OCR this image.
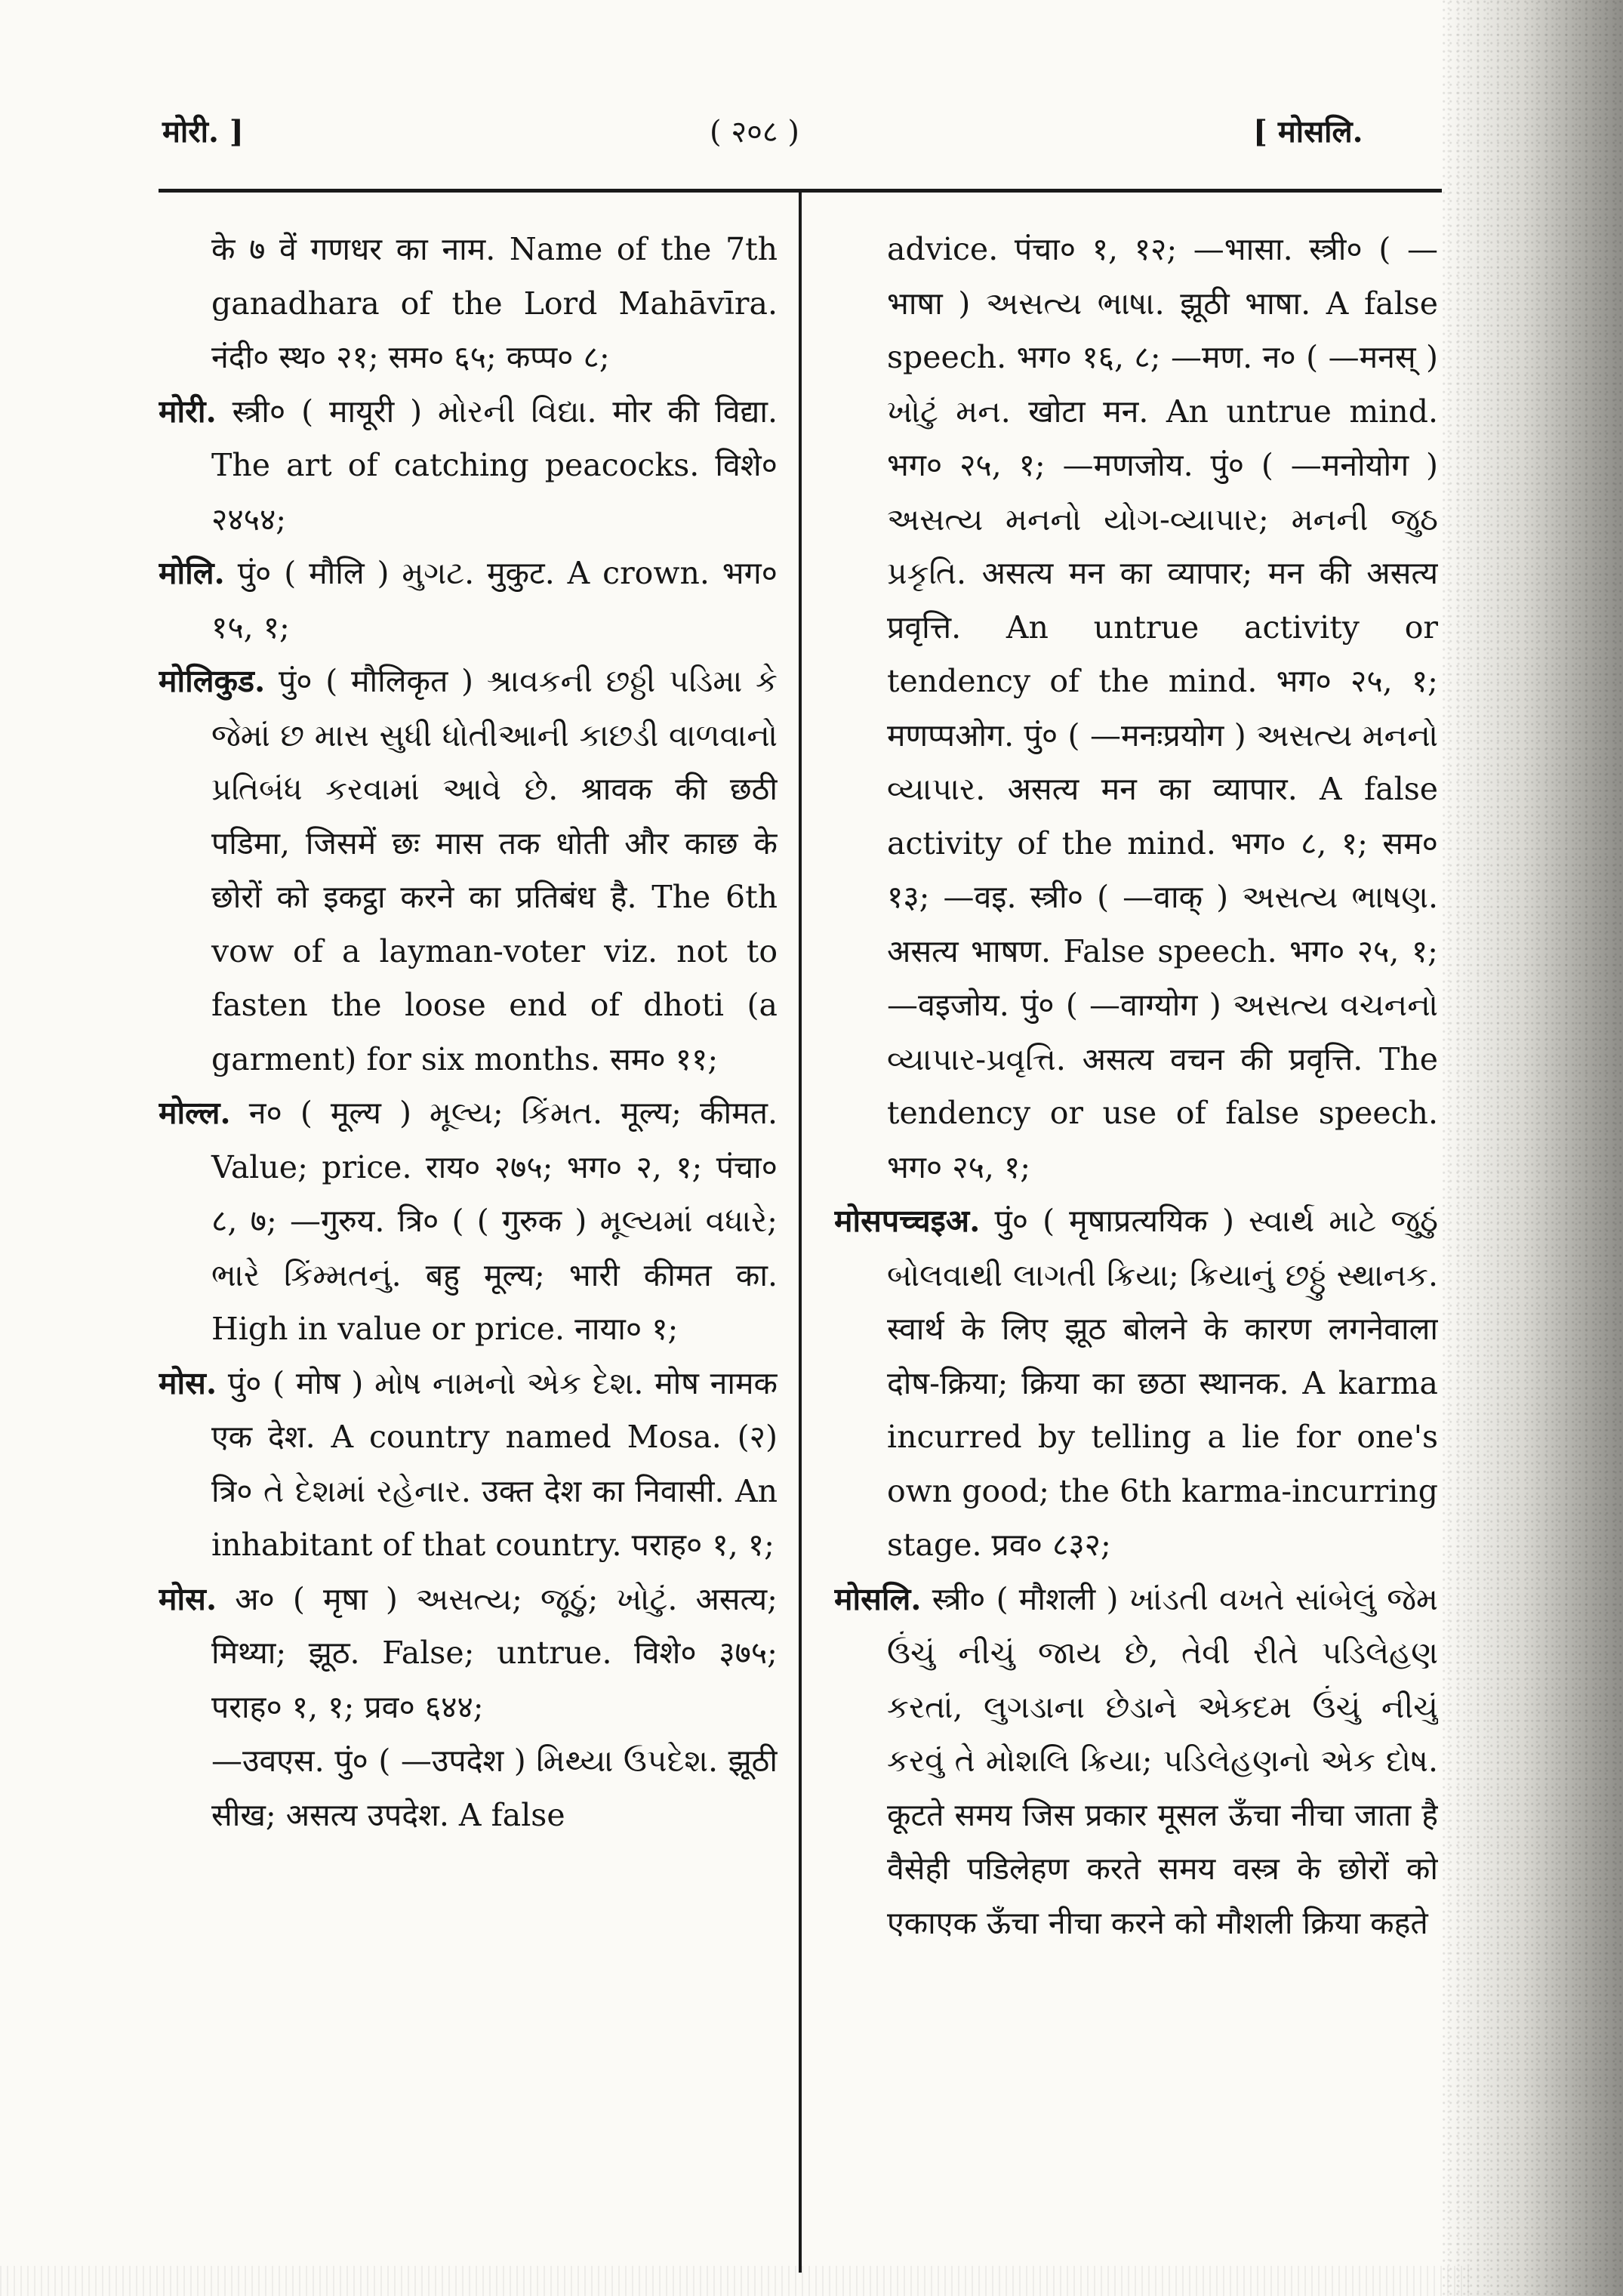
मोरी. ]	( २०८ )	[ मोसलि.

के ७ वें गणधर का नाम. Name of the 7th ganadhara of the Lord Mahāvīra. नंदी० स्थ० २१; सम० ६५; कप्प० ८;

मोरी. स्त्री० ( मायूरी ) મોરની વિદ્યા. मोर की विद्या. The art of catching peacocks. विशे० २४५४;

मोलि. पुं० ( मौलि ) મુગટ. मुकुट. A crown. भग० १५, १;

मोलिकुड. पुं० ( मौलिकृत ) શ્રાવકની છઠ્ઠી પડિમા કે જેમાં છ માસ સુધી ધોતીઆની કાછડી વાળવાનો પ્રતિબંધ કરવામાં આવે છે. श्रावक की छठी पडिमा, जिसमें छः मास तक धोती और काछ के छोरों को इकट्ठा करने का प्रतिबंध है. The 6th vow of a layman-voter viz. not to fasten the loose end of dhoti (a garment) for six months. सम० ११;

मोल्ल. न० ( मूल्य ) મૂલ્ય; કિંમત. मूल्य; कीमत. Value; price. राय० २७५; भग० २, १; पंचा० ८, ७; —गुरुय. त्रि० ( ( गुरुक ) મૂલ્યમાં વધારે; ભારે કિંમ્મતનું. बहु मूल्य; भारी कीमत का. High in value or price. नाया० १;

मोस. पुं० ( मोष ) મોષ નામનો એક દેશ. मोष नामक एक देश. A country named Mosa. (२) त्रि० તે દેશમાં રહેનાર. उक्त देश का निवासी. An inhabitant of that country. पराह० १, १;

मोस. अ० ( मृषा ) અસત્ય; જૂઠું; ખોટું. असत्य; मिथ्या; झूठ. False; untrue. विशे० ३७५; पराह० १, १; प्रव० ६४४;

—उवएस. पुं० ( —उपदेश ) મિથ્યા ઉપદેશ. झूठी सीख; असत्य उपदेश. A false

advice. पंचा० १, १२; —भासा. स्त्री० ( —भाषा ) અસત્ય ભાષા. झूठी भाषा. A false speech. भग० १६, ८; —मण. न० ( —मनस् ) ખોટું મન. खोटा मन. An untrue mind. भग० २५, १; —मणजोय. पुं० ( —मनोयोग ) અસત્ય મનનો યોગ-વ્યાપાર; મનની જુઠ પ્રકૃતિ. असत्य मन का व्यापार; मन की असत्य प्रवृत्ति. An untrue activity or tendency of the mind. भग० २५, १; मणप्पओग. पुं० ( —मनःप्रयोग ) અસત્ય મનનો વ્યાપાર. असत्य मन का व्यापार. A false activity of the mind. भग० ८, १; सम० १३; —वइ. स्त्री० ( —वाक् ) અસત્ય ભાષણ. असत्य भाषण. False speech. भग० २५, १; —वइजोय. पुं० ( —वाग्योग ) અસત્ય વચનનો વ્યાપાર-પ્રવૃત્તિ. असत्य वचन की प्रवृत्ति. The tendency or use of false speech. भग० २५, १;

मोसपच्चइअ. पुं० ( मृषाप्रत्ययिक ) સ્વાર્થ માટે જુઠું બોલવાથી લાગતી ક્રિયા; ક્રિયાનું છઠ્ઠું સ્થાનક. स्वार्थ के लिए झूठ बोलने के कारण लगनेवाला दोष-क्रिया; क्रिया का छठा स्थानक. A karma incurred by telling a lie for one's own good; the 6th karma-incurring stage. प्रव० ८३२;

मोसलि. स्त्री० ( मौशली ) ખાંડતી વખતે સાંબેલું જેમ ઉંચું નીચું જાય છે, તેવી રીતે પડિલેહણ કરતાં, લુગડાના છેડાને એકદમ ઉંચું નીચું કરવું તે મોશલિ ક્રિયા; પડિલેહણનો એક દોષ. कूटते समय जिस प्रकार मूसल ऊँचा नीचा जाता है वैसेही पडिलेहण करते समय वस्त्र के छोरों को एकाएक ऊँचा नीचा करने को मौशली क्रिया कहते
